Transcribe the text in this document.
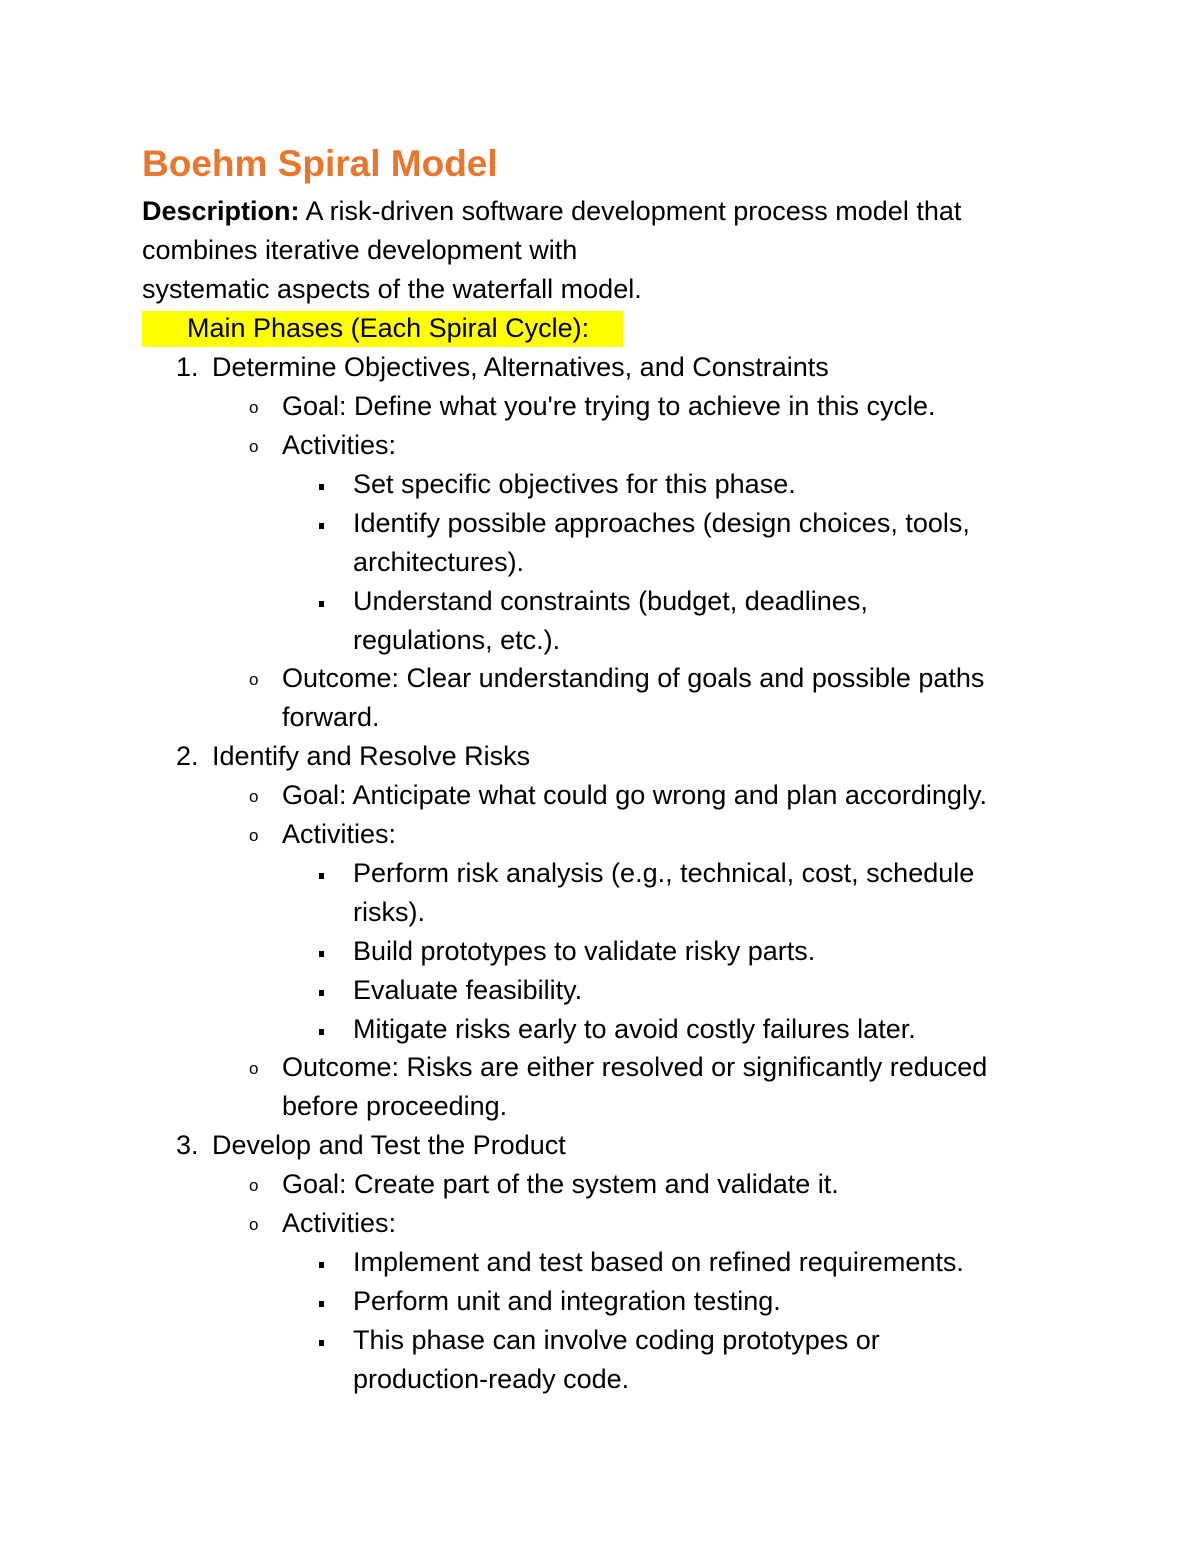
Boehm Spiral Model
Description: A risk-driven software development process model that
combines iterative development with
systematic aspects of the waterfall model.
Main Phases (Each Spiral Cycle):
1. Determine Objectives, Alternatives, and Constraints
o Goal: Define what you're trying to achieve in this cycle.
o Activities:
Set specific objectives for this phase.
Identify possible approaches (design choices, tools,
architectures).
Understand constraints (budget, deadlines,
regulations, etc.).
o Outcome: Clear understanding of goals and possible paths
forward.
2. Identify and Resolve Risks
o Goal: Anticipate what could go wrong and plan accordingly.
o Activities:
Perform risk analysis (e.g., technical, cost, schedule
risks).
Build prototypes to validate risky parts.
Evaluate feasibility.
Mitigate risks early to avoid costly failures later.
o Outcome: Risks are either resolved or significantly reduced
before proceeding.
3. Develop and Test the Product
o Goal: Create part of the system and validate it.
o Activities:
Implement and test based on refined requirements.
Perform unit and integration testing.
This phase can involve coding prototypes or
production-ready code.
